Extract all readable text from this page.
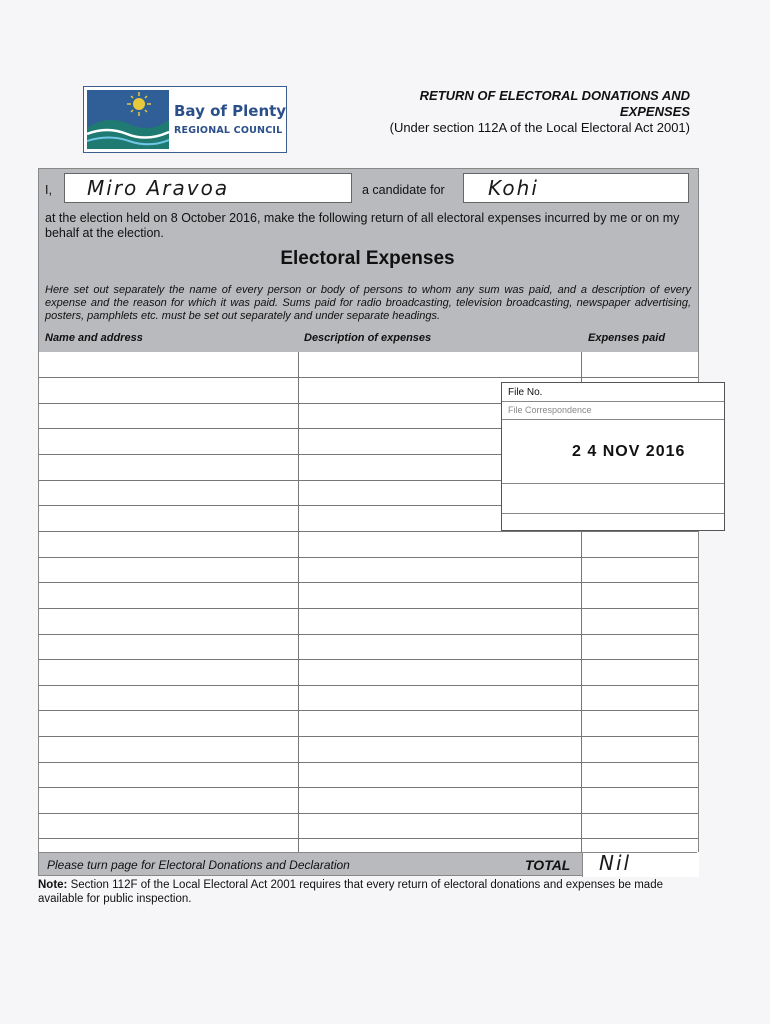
Bay of Plenty
REGIONAL COUNCIL
RETURN OF ELECTORAL DONATIONS AND
EXPENSES
(Under section 112A of the Local Electoral Act 2001)
I, Miro Aravoa	a candidate for Kohi
at the election held on 8 October 2016, make the following return of all electoral expenses incurred by me or on my behalf at the election.
Electoral Expenses
Here set out separately the name of every person or body of persons to whom any sum was paid, and a description of every expense and the reason for which it was paid. Sums paid for radio broadcasting, television broadcasting, newspaper advertising, posters, pamphlets etc. must be set out separately and under separate headings.
Name and address	Description of expenses	Expenses paid
File No.
File Correspondence
2 4 NOV 2016
Please turn page for Electoral Donations and Declaration	TOTAL Nil
Note: Section 112F of the Local Electoral Act 2001 requires that every return of electoral donations and expenses be made available for public inspection.
